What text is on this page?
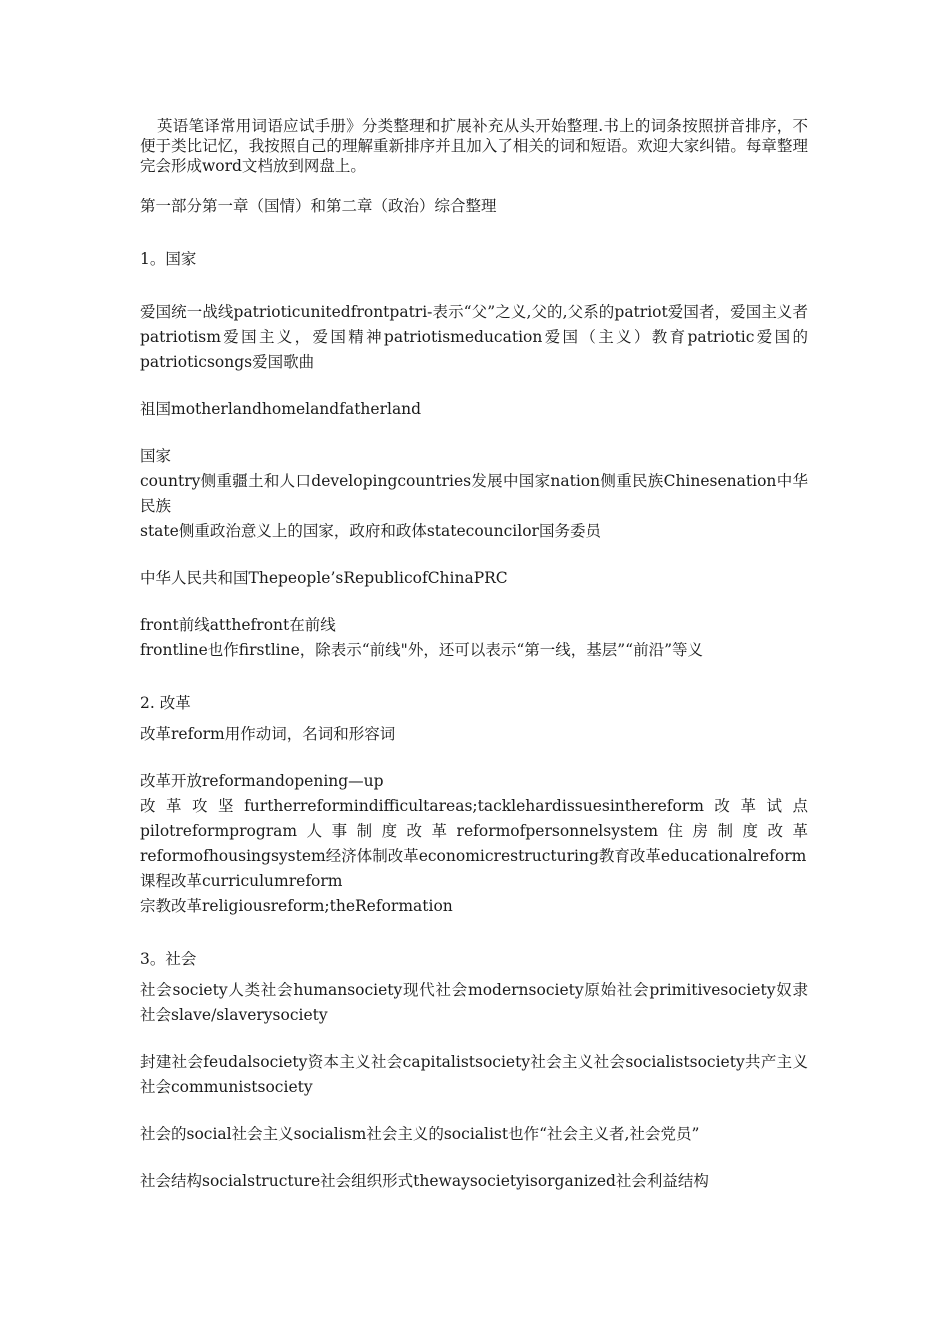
英语笔译常用词语应试手册》分类整理和扩展补充从头开始整理.书上的词条按照拼音排序，不便于类比记忆，我按照自己的理解重新排序并且加入了相关的词和短语。欢迎大家纠错。每章整理完会形成word文档放到网盘上。

第一部分第一章（国情）和第二章（政治）综合整理

1。国家

爱国统一战线patrioticunitedfrontpatri-表示“父”之义,父的,父系的patriot爱国者，爱国主义者patriotism爱国主义，爱国精神patriotismeducation爱国（主义）教育patriotic爱国的patrioticsongs爱国歌曲

祖国motherlandhomelandfatherland

国家

country侧重疆土和人口developingcountries发展中国家nation侧重民族Chinesenation中华民族

state侧重政治意义上的国家，政府和政体statecouncilor国务委员

中华人民共和国Thepeople’sRepublicofChinaPRC

front前线atthefront在前线

frontline也作firstline，除表示“前线"外，还可以表示“第一线，基层”“前沿”等义

2. 改革

改革reform用作动词，名词和形容词

改革开放reformandopening—up

改革攻坚furtherreformindifficultareas;tacklehardissuesinthereform改革试点pilotreformprogram人事制度改革reformofpersonnelsystem住房制度改革reformofhousingsystem经济体制改革economicrestructuring教育改革educationalreform

课程改革curriculumreform

宗教改革religiousreform;theReformation

3。社会

社会society人类社会humansociety现代社会modernsociety原始社会primitivesociety奴隶社会slave/slaverysociety

封建社会feudalsociety资本主义社会capitalistsociety社会主义社会socialistsociety共产主义社会communistsociety

社会的social社会主义socialism社会主义的socialist也作“社会主义者,社会党员”

社会结构socialstructure社会组织形式thewaysocietyisorganized社会利益结构
